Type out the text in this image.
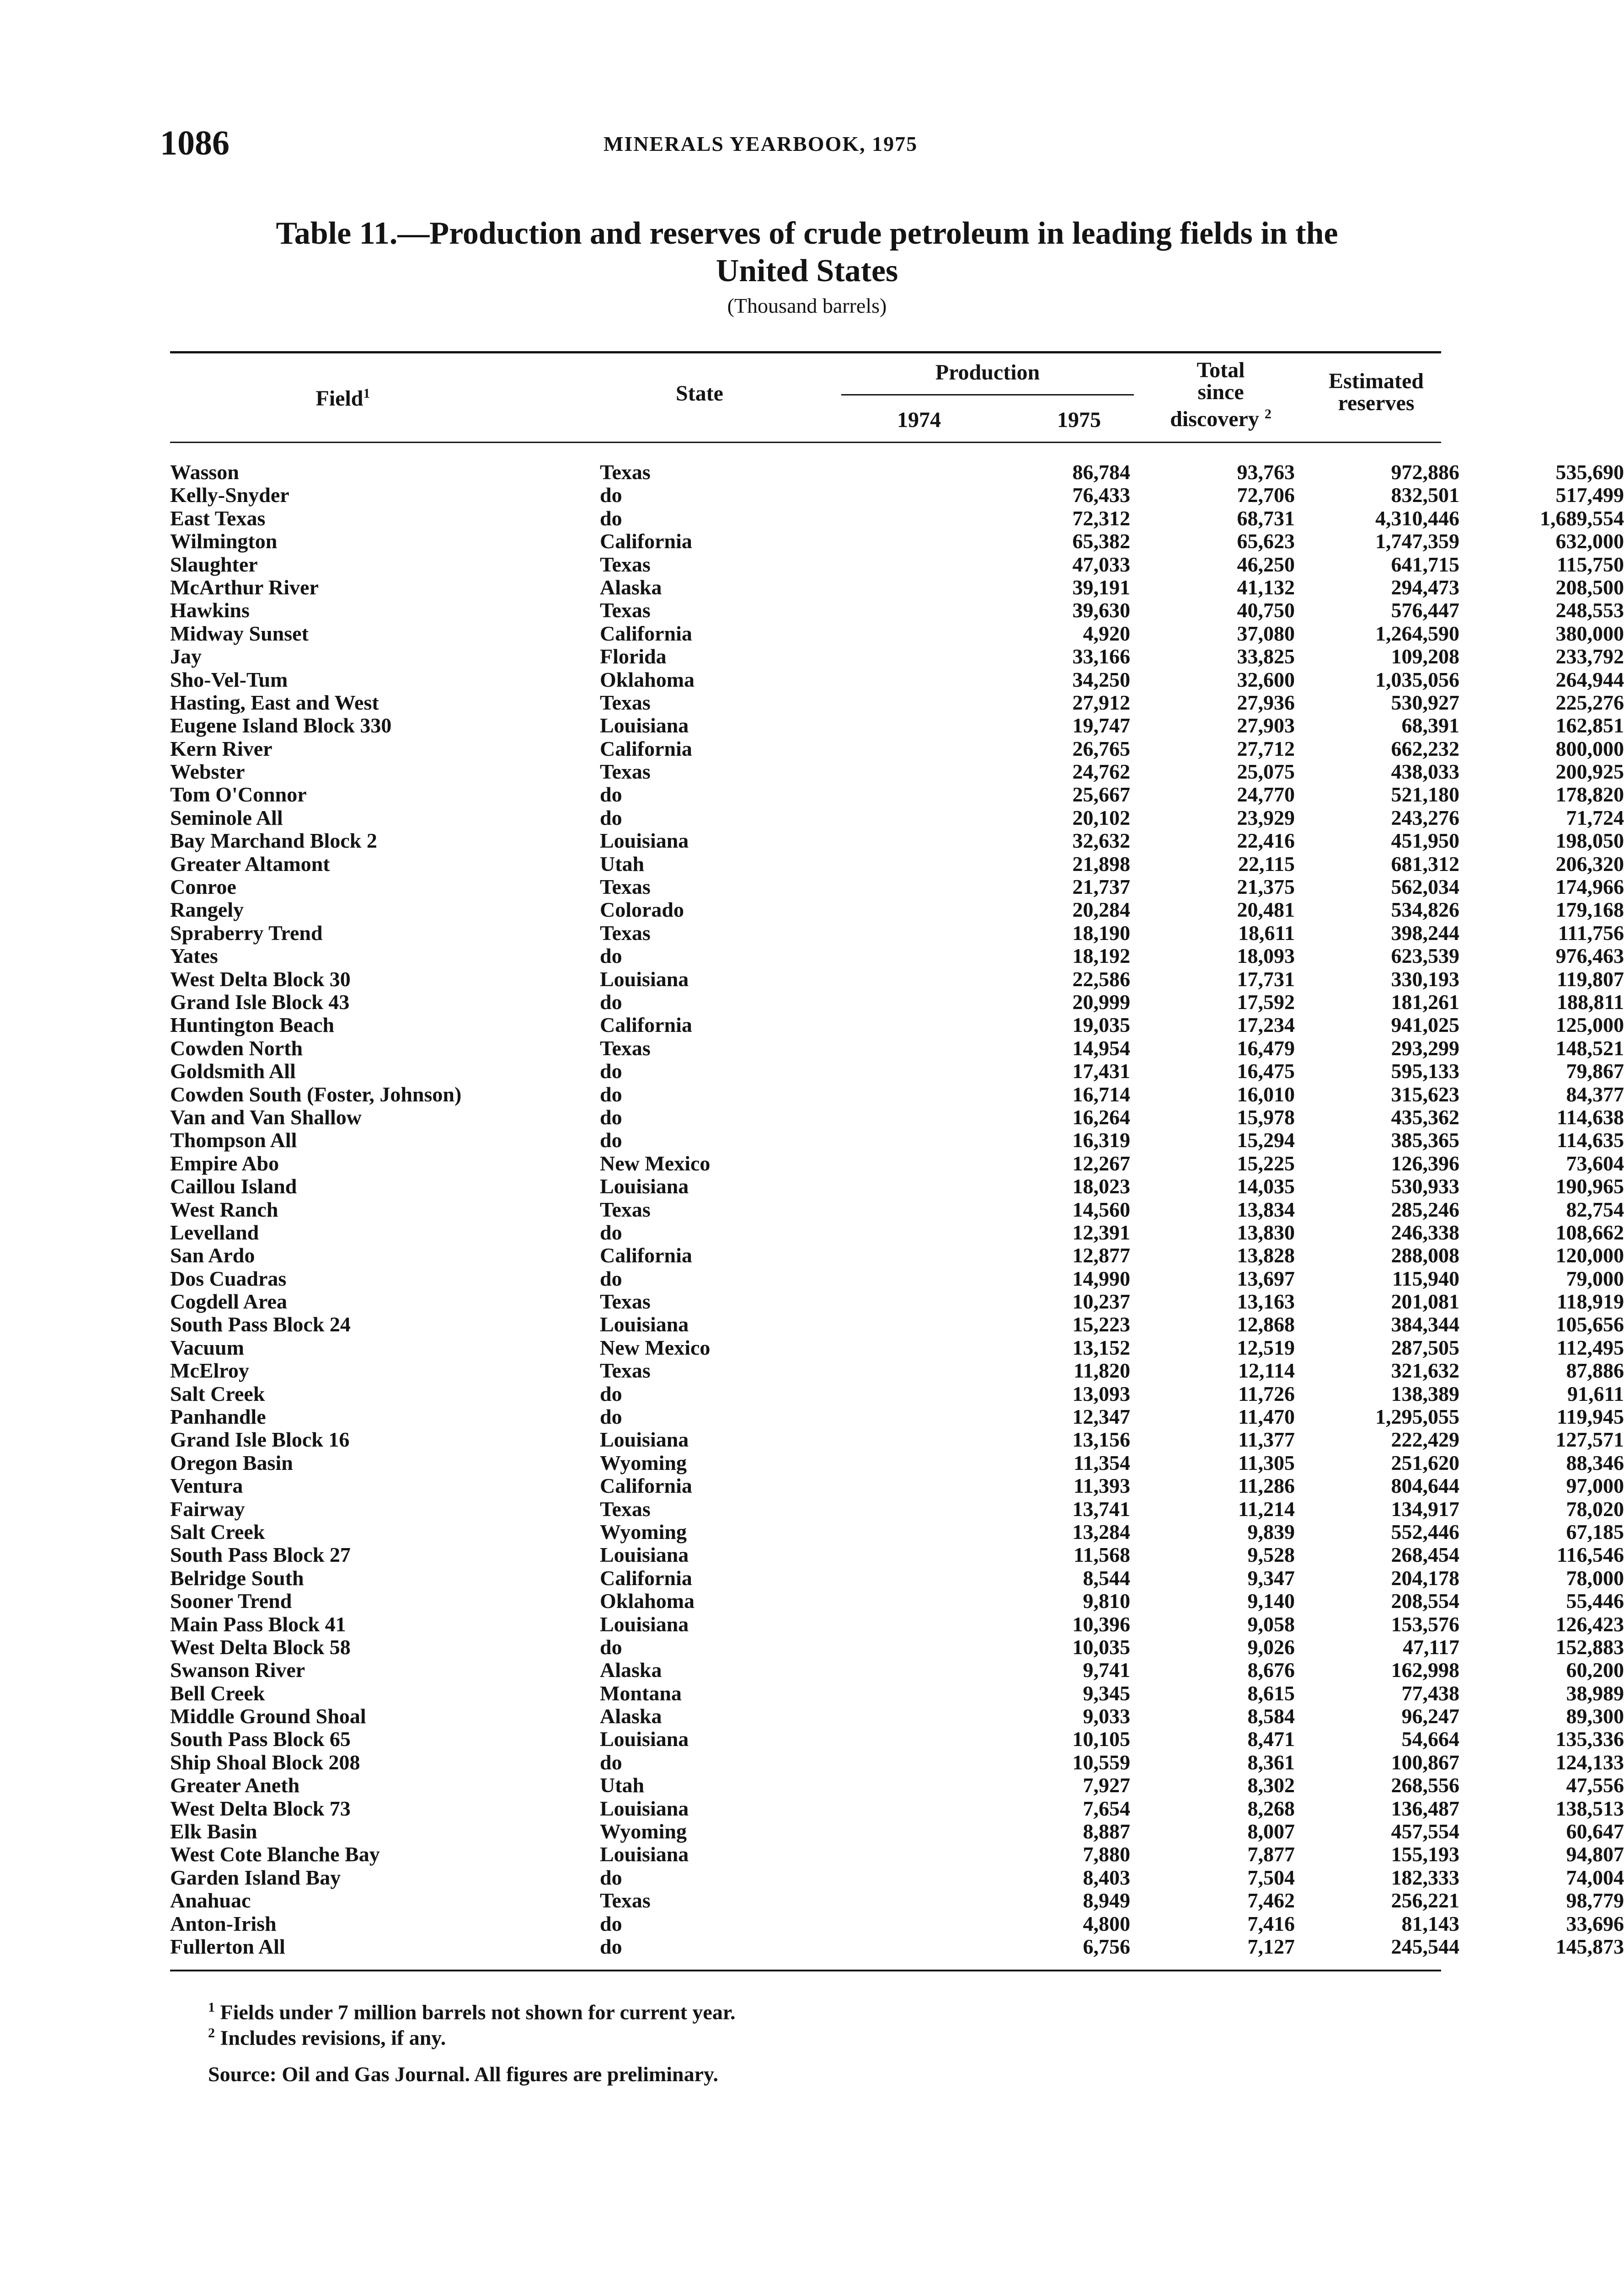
1086	MINERALS YEARBOOK, 1975
Table 11.—Production and reserves of crude petroleum in leading fields in the
United States
(Thousand barrels)
Field$^1$	State
Production
1974	1975
Total
since
discovery $^2$
Estimated
reserves
Wasson	Texas	86,784	93,763	972,886	535,690
Kelly-Snyder	do	76,433	72,706	832,501	517,499
East Texas	do	72,312	68,731	4,310,446	1,689,554
Wilmington	California	65,382	65,623	1,747,359	632,000
Slaughter	Texas	47,033	46,250	641,715	115,750
McArthur River	Alaska	39,191	41,132	294,473	208,500
Hawkins	Texas	39,630	40,750	576,447	248,553
Midway Sunset	California	4,920	37,080	1,264,590	380,000
Jay	Florida	33,166	33,825	109,208	233,792
Sho-Vel-Tum	Oklahoma	34,250	32,600	1,035,056	264,944
Hasting, East and West	Texas	27,912	27,936	530,927	225,276
Eugene Island Block 330	Louisiana	19,747	27,903	68,391	162,851
Kern River	California	26,765	27,712	662,232	800,000
Webster	Texas	24,762	25,075	438,033	200,925
Tom O'Connor	do	25,667	24,770	521,180	178,820
Seminole All	do	20,102	23,929	243,276	71,724
Bay Marchand Block 2	Louisiana	32,632	22,416	451,950	198,050
Greater Altamont	Utah	21,898	22,115	681,312	206,320
Conroe	Texas	21,737	21,375	562,034	174,966
Rangely	Colorado	20,284	20,481	534,826	179,168
Spraberry Trend	Texas	18,190	18,611	398,244	111,756
Yates	do	18,192	18,093	623,539	976,463
West Delta Block 30	Louisiana	22,586	17,731	330,193	119,807
Grand Isle Block 43	do	20,999	17,592	181,261	188,811
Huntington Beach	California	19,035	17,234	941,025	125,000
Cowden North	Texas	14,954	16,479	293,299	148,521
Goldsmith All	do	17,431	16,475	595,133	79,867
Cowden South (Foster, Johnson)	do	16,714	16,010	315,623	84,377
Van and Van Shallow	do	16,264	15,978	435,362	114,638
Thompson All	do	16,319	15,294	385,365	114,635
Empire Abo	New Mexico	12,267	15,225	126,396	73,604
Caillou Island	Louisiana	18,023	14,035	530,933	190,965
West Ranch	Texas	14,560	13,834	285,246	82,754
Levelland	do	12,391	13,830	246,338	108,662
San Ardo	California	12,877	13,828	288,008	120,000
Dos Cuadras	do	14,990	13,697	115,940	79,000
Cogdell Area	Texas	10,237	13,163	201,081	118,919
South Pass Block 24	Louisiana	15,223	12,868	384,344	105,656
Vacuum	New Mexico	13,152	12,519	287,505	112,495
McElroy	Texas	11,820	12,114	321,632	87,886
Salt Creek	do	13,093	11,726	138,389	91,611
Panhandle	do	12,347	11,470	1,295,055	119,945
Grand Isle Block 16	Louisiana	13,156	11,377	222,429	127,571
Oregon Basin	Wyoming	11,354	11,305	251,620	88,346
Ventura	California	11,393	11,286	804,644	97,000
Fairway	Texas	13,741	11,214	134,917	78,020
Salt Creek	Wyoming	13,284	9,839	552,446	67,185
South Pass Block 27	Louisiana	11,568	9,528	268,454	116,546
Belridge South	California	8,544	9,347	204,178	78,000
Sooner Trend	Oklahoma	9,810	9,140	208,554	55,446
Main Pass Block 41	Louisiana	10,396	9,058	153,576	126,423
West Delta Block 58	do	10,035	9,026	47,117	152,883
Swanson River	Alaska	9,741	8,676	162,998	60,200
Bell Creek	Montana	9,345	8,615	77,438	38,989
Middle Ground Shoal	Alaska	9,033	8,584	96,247	89,300
South Pass Block 65	Louisiana	10,105	8,471	54,664	135,336
Ship Shoal Block 208	do	10,559	8,361	100,867	124,133
Greater Aneth	Utah	7,927	8,302	268,556	47,556
West Delta Block 73	Louisiana	7,654	8,268	136,487	138,513
Elk Basin	Wyoming	8,887	8,007	457,554	60,647
West Cote Blanche Bay	Louisiana	7,880	7,877	155,193	94,807
Garden Island Bay	do	8,403	7,504	182,333	74,004
Anahuac	Texas	8,949	7,462	256,221	98,779
Anton-Irish	do	4,800	7,416	81,143	33,696
Fullerton All	do	6,756	7,127	245,544	145,873
$^1$ Fields under 7 million barrels not shown for current year.
$^2$ Includes revisions, if any.
Source: Oil and Gas Journal. All figures are preliminary.
